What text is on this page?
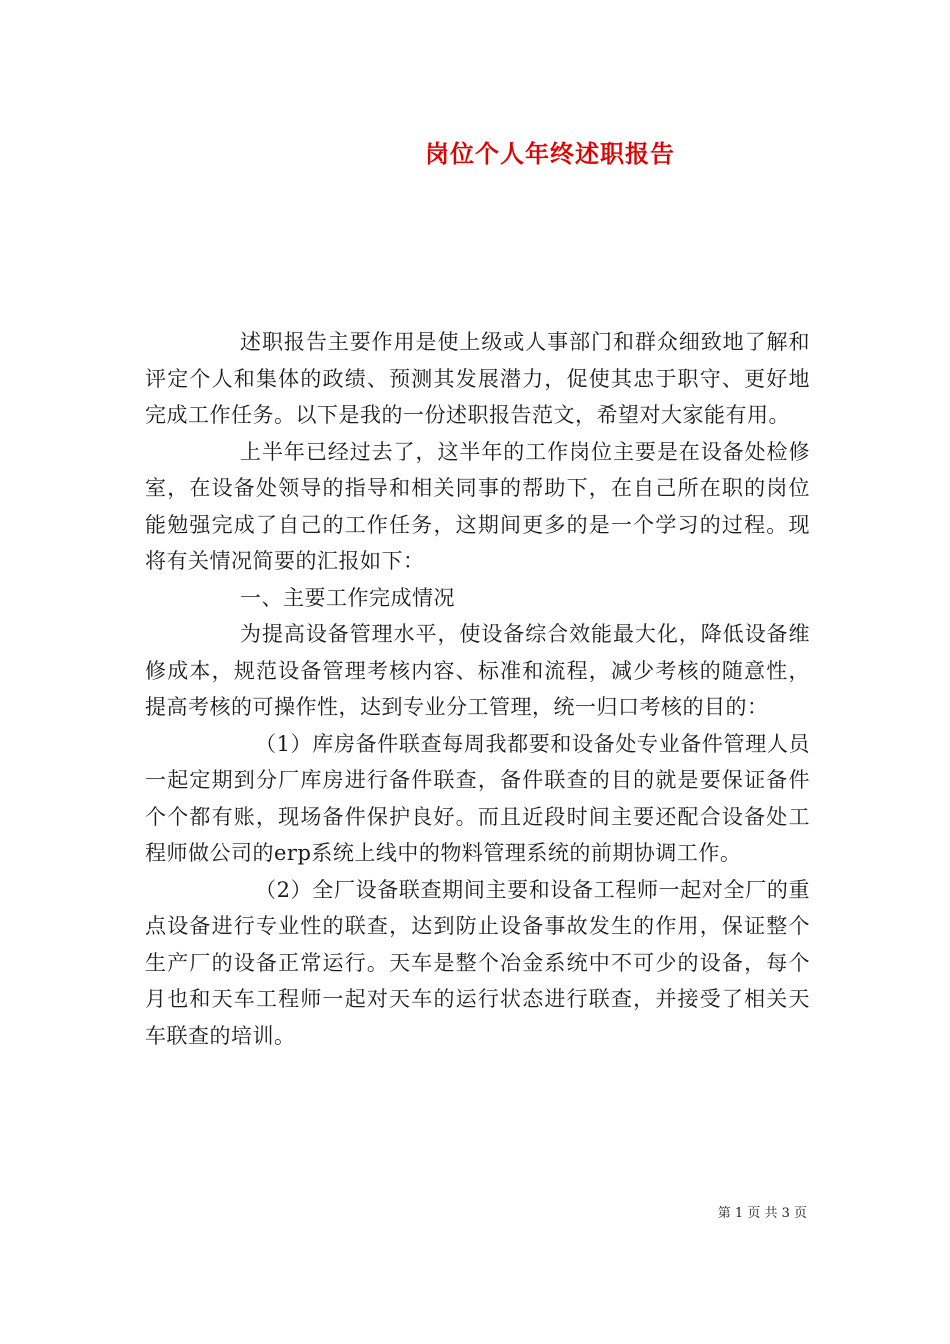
岗位个人年终述职报告

述职报告主要作用是使上级或人事部门和群众细致地了解和评定个人和集体的政绩、预测其发展潜力，促使其忠于职守、更好地完成工作任务。以下是我的一份述职报告范文，希望对大家能有用。

上半年已经过去了，这半年的工作岗位主要是在设备处检修室，在设备处领导的指导和相关同事的帮助下，在自己所在职的岗位能勉强完成了自己的工作任务，这期间更多的是一个学习的过程。现将有关情况简要的汇报如下：

一、主要工作完成情况

为提高设备管理水平，使设备综合效能最大化，降低设备维修成本，规范设备管理考核内容、标准和流程，减少考核的随意性，提高考核的可操作性，达到专业分工管理，统一归口考核的目的：

（1）库房备件联查每周我都要和设备处专业备件管理人员一起定期到分厂库房进行备件联查，备件联查的目的就是要保证备件个个都有账，现场备件保护良好。而且近段时间主要还配合设备处工程师做公司的erp系统上线中的物料管理系统的前期协调工作。

（2）全厂设备联查期间主要和设备工程师一起对全厂的重点设备进行专业性的联查，达到防止设备事故发生的作用，保证整个生产厂的设备正常运行。天车是整个冶金系统中不可少的设备，每个月也和天车工程师一起对天车的运行状态进行联查，并接受了相关天车联查的培训。

第 1 页 共 3 页
